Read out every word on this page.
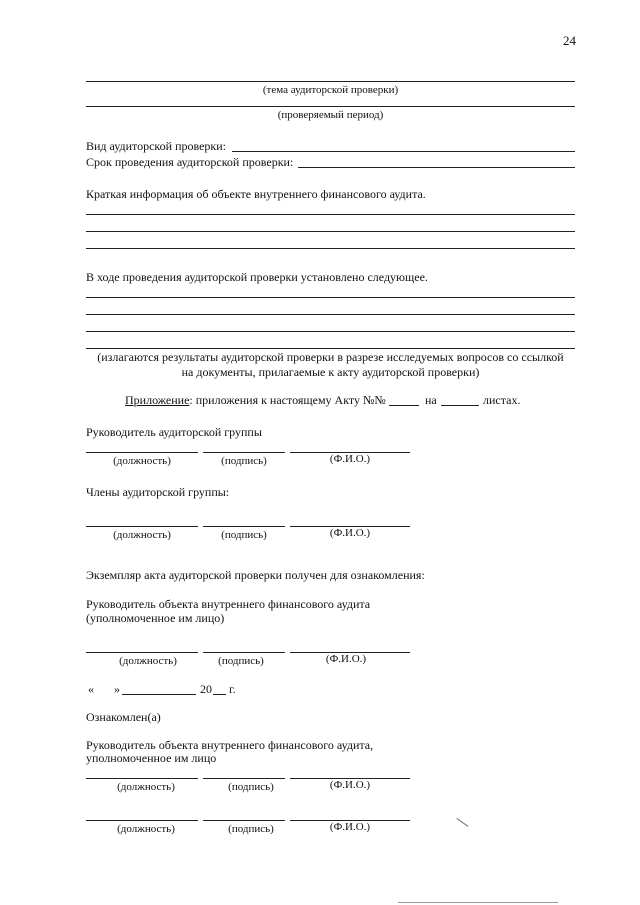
24
(тема аудиторской проверки)
(проверяемый период)
Вид аудиторской проверки:
Срок проведения аудиторской проверки:
Краткая информация об объекте внутреннего финансового аудита.
В ходе проведения аудиторской проверки установлено следующее.
(излагаются результаты аудиторской проверки в разрезе исследуемых вопросов со ссылкой
на документы, прилагаемые к акту аудиторской проверки)
Приложение: приложения к настоящему Акту №№	на	листах.
Руководитель аудиторской группы
(должность)	(подпись)	(Ф.И.О.)
Члены аудиторской группы:
(должность)	(подпись)	(Ф.И.О.)
Экземпляр акта аудиторской проверки получен для ознакомления:
Руководитель объекта внутреннего финансового аудита
(уполномоченное им лицо)
(должность)	(подпись)	(Ф.И.О.)
« »	20 г.
Ознакомлен(а)
Руководитель объекта внутреннего финансового аудита,
уполномоченное им лицо
(должность)	(подпись)	(Ф.И.О.)
(должность)	(подпись)	(Ф.И.О.)
